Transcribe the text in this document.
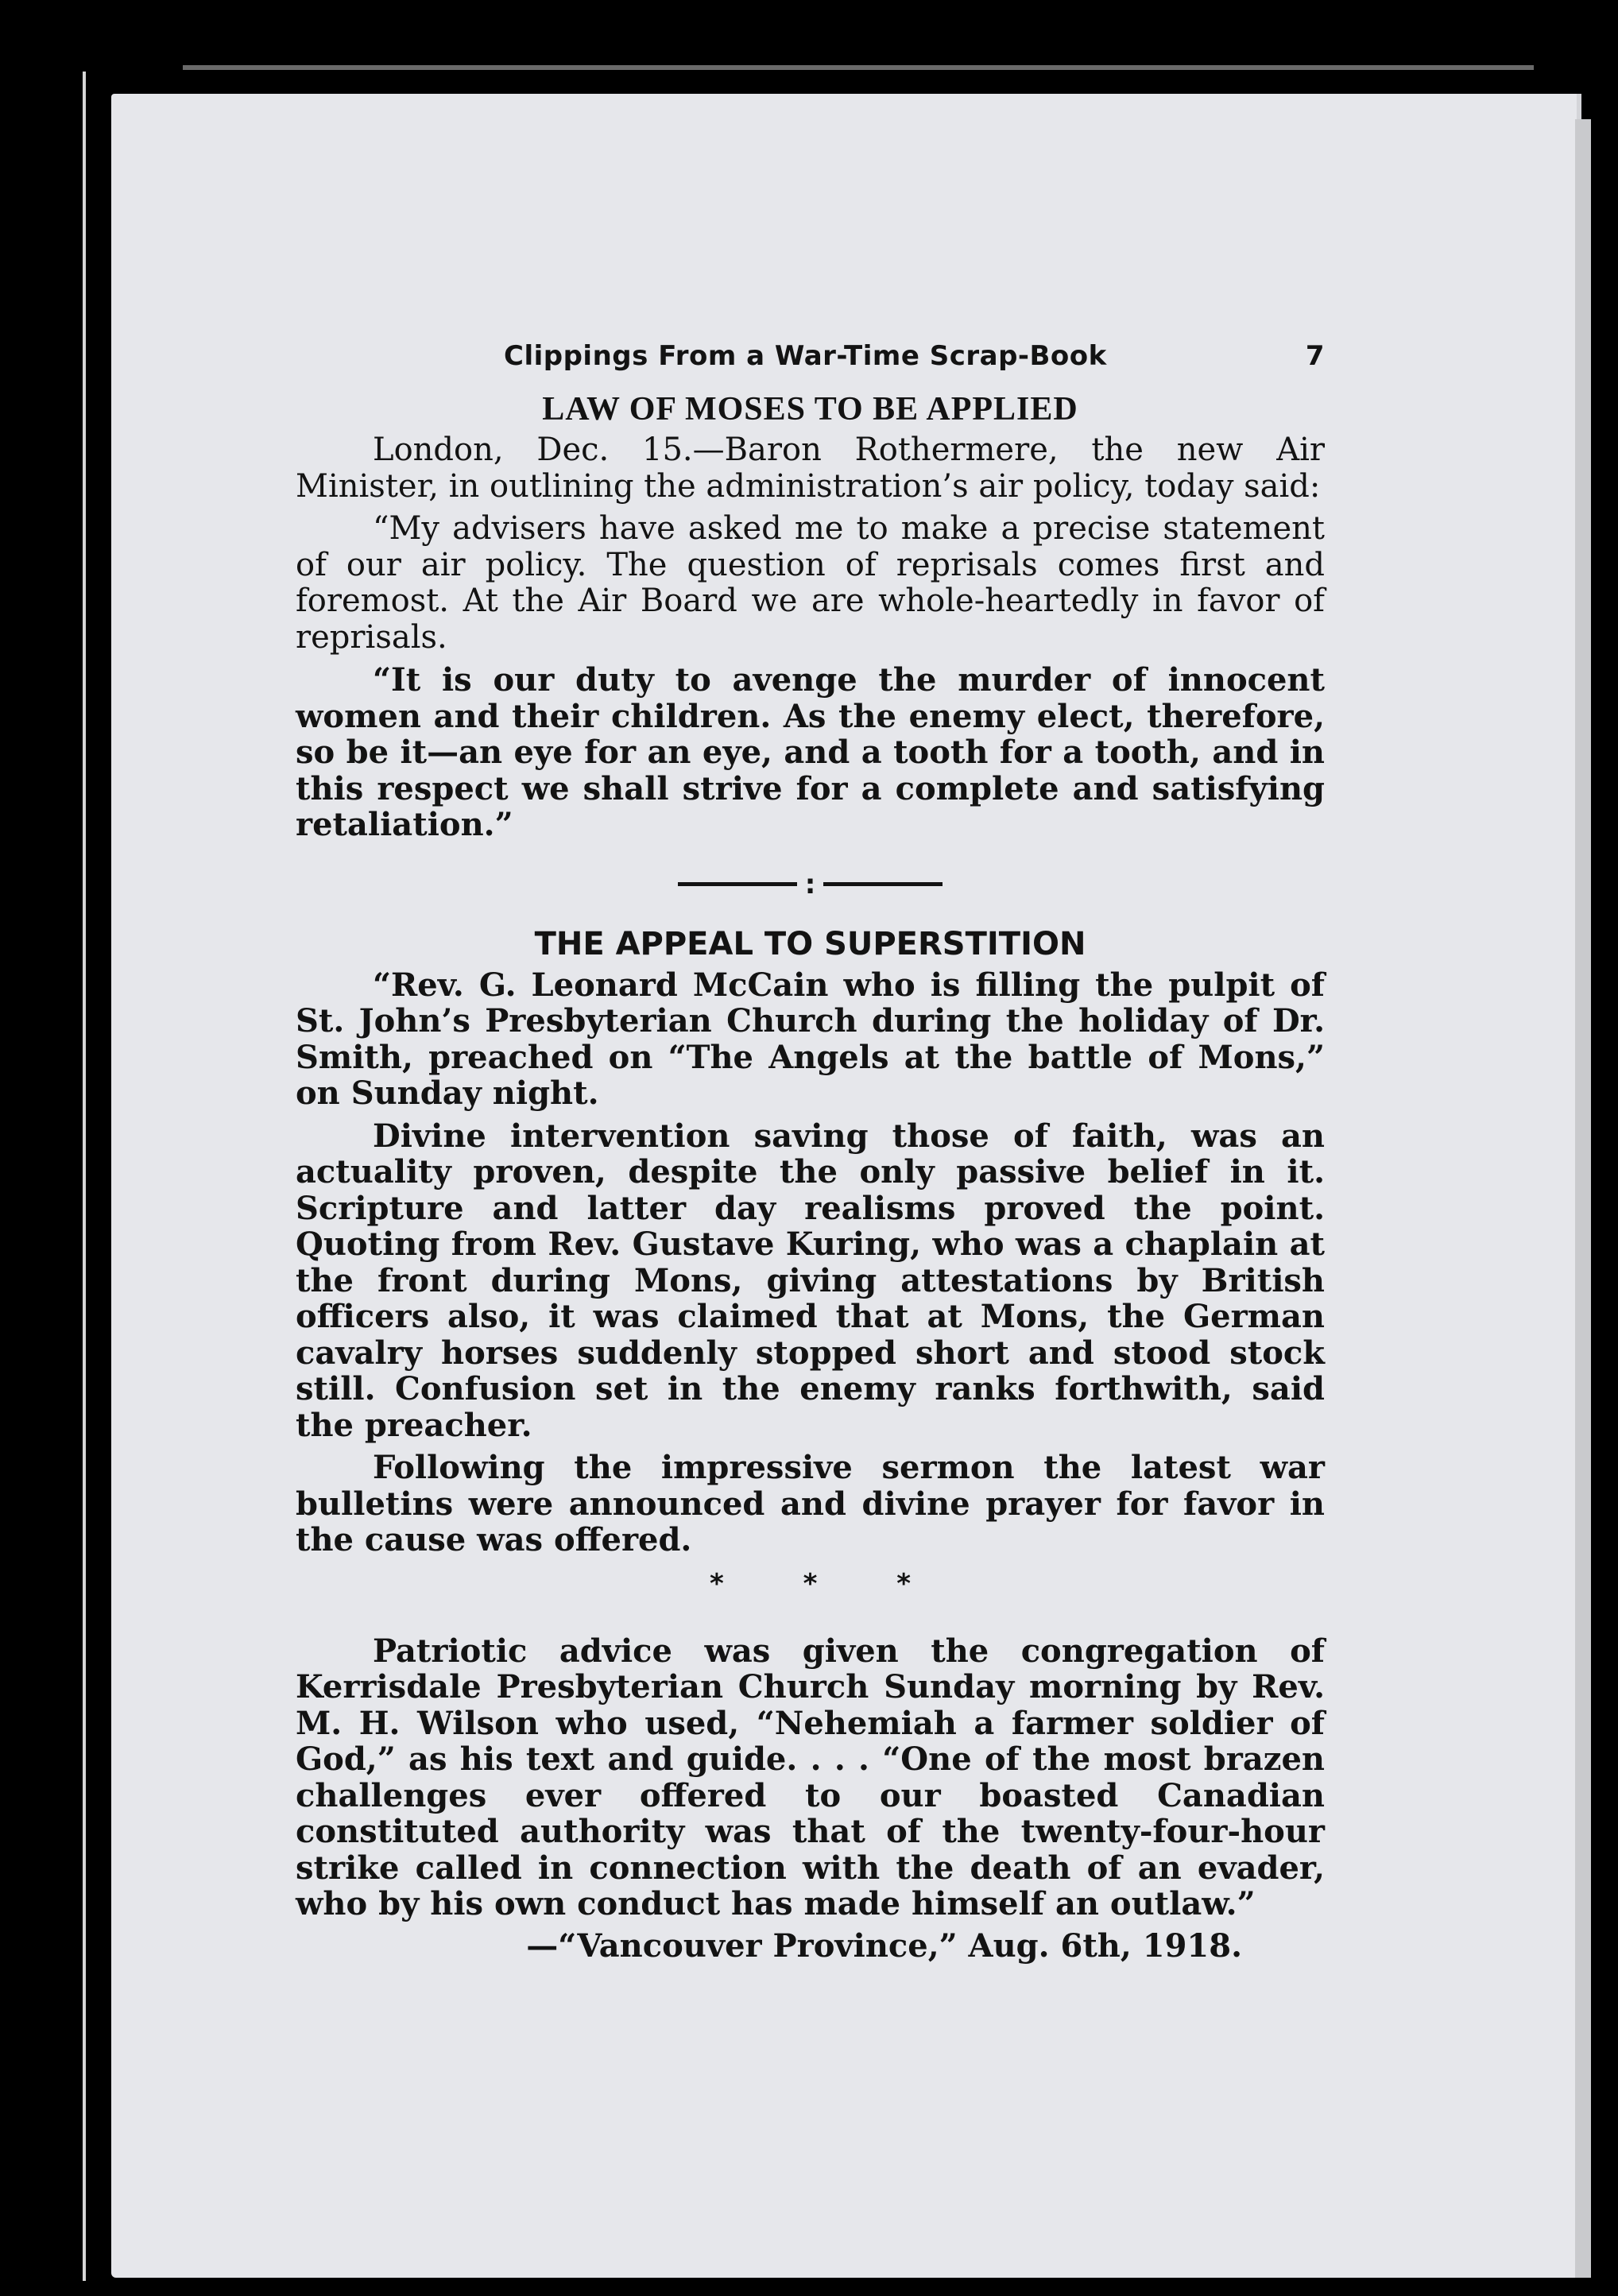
Clippings From a War-Time Scrap-Book	7
LAW OF MOSES TO BE APPLIED

London, Dec. 15.—Baron Rothermere, the new Air Minister, in outlining the administration’s air policy, today said:

“My advisers have asked me to make a precise statement of our air policy. The question of reprisals comes first and foremost. At the Air Board we are whole-heartedly in favor of reprisals.

“It is our duty to avenge the murder of innocent women and their children. As the enemy elect, therefore, so be it—an eye for an eye, and a tooth for a tooth, and in this respect we shall strive for a complete and satisfying retaliation.”

:
THE APPEAL TO SUPERSTITION

“Rev. G. Leonard McCain who is filling the pulpit of St. John’s Presbyterian Church during the holiday of Dr. Smith, preached on “The Angels at the battle of Mons,” on Sunday night.

Divine intervention saving those of faith, was an actuality proven, despite the only passive belief in it. Scripture and latter day realisms proved the point. Quoting from Rev. Gustave Kuring, who was a chaplain at the front during Mons, giving attestations by British officers also, it was claimed that at Mons, the German cavalry horses suddenly stopped short and stood stock still. Confusion set in the enemy ranks forthwith, said the preacher.

Following the impressive sermon the latest war bulletins were announced and divine prayer for favor in the cause was offered.

* * *

Patriotic advice was given the congregation of Kerrisdale Presbyterian Church Sunday morning by Rev. M. H. Wilson who used, “Nehemiah a farmer soldier of God,” as his text and guide. . . . “One of the most brazen challenges ever offered to our boasted Canadian constituted authority was that of the twenty-four-hour strike called in connection with the death of an evader, who by his own conduct has made himself an outlaw.”

—“Vancouver Province,” Aug. 6th, 1918.
